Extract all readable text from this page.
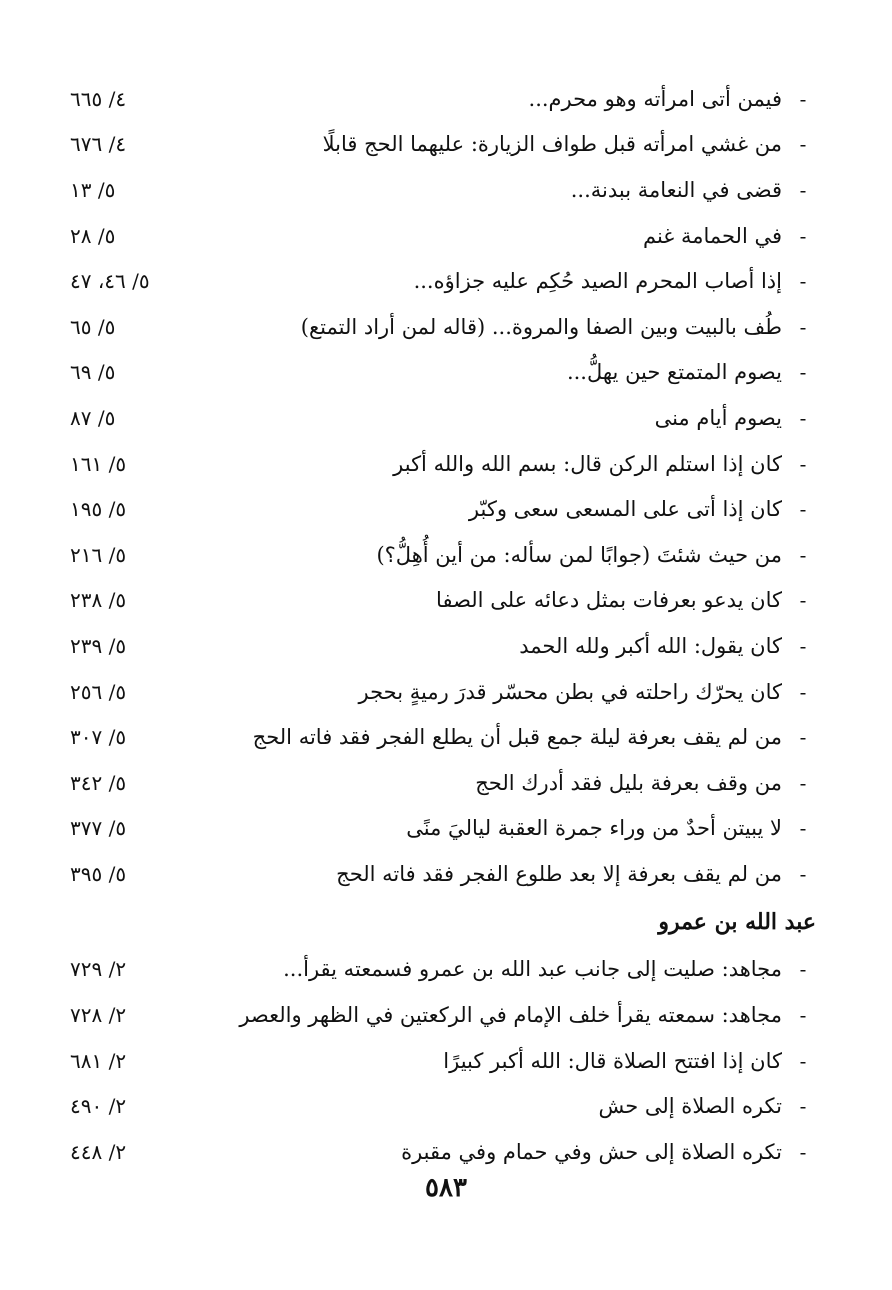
-
فيمن أتى امرأته وهو محرم...
٤/ ٦٦٥
-
من غشي امرأته قبل طواف الزيارة: عليهما الحج قابلًا
٤/ ٦٧٦
-
قضى في النعامة ببدنة...
٥/ ١٣
-
في الحمامة غنم
٥/ ٢٨
-
إذا أصاب المحرم الصيد حُكِم عليه جزاؤه...
٥/ ٤٦، ٤٧
-
طُف بالبيت وبين الصفا والمروة... (قاله لمن أراد التمتع)
٥/ ٦٥
-
يصوم المتمتع حين يهلُّ...
٥/ ٦٩
-
يصوم أيام منى
٥/ ٨٧
-
كان إذا استلم الركن قال: بسم الله والله أكبر
٥/ ١٦١
-
كان إذا أتى على المسعى سعى وكبّر
٥/ ١٩٥
-
من حيث شئتَ (جوابًا لمن سأله: من أين أُهِلُّ؟)
٥/ ٢١٦
-
كان يدعو بعرفات بمثل دعائه على الصفا
٥/ ٢٣٨
-
كان يقول: الله أكبر ولله الحمد
٥/ ٢٣٩
-
كان يحرّك راحلته في بطن محسّر قدرَ رميةٍ بحجر
٥/ ٢٥٦
-
من لم يقف بعرفة ليلة جمع قبل أن يطلع الفجر فقد فاته الحج
٥/ ٣٠٧
-
من وقف بعرفة بليل فقد أدرك الحج
٥/ ٣٤٢
-
لا يبيتن أحدٌ من وراء جمرة العقبة لياليَ منًى
٥/ ٣٧٧
-
من لم يقف بعرفة إلا بعد طلوع الفجر فقد فاته الحج
٥/ ٣٩٥
عبد الله بن عمرو
-
مجاهد: صليت إلى جانب عبد الله بن عمرو فسمعته يقرأ...
٢/ ٧٢٩
-
مجاهد: سمعته يقرأ خلف الإمام في الركعتين في الظهر والعصر
٢/ ٧٢٨
-
كان إذا افتتح الصلاة قال: الله أكبر كبيرًا
٢/ ٦٨١
-
تكره الصلاة إلى حش
٢/ ٤٩٠
-
تكره الصلاة إلى حش وفي حمام وفي مقبرة
٢/ ٤٤٨
٥٨٣
